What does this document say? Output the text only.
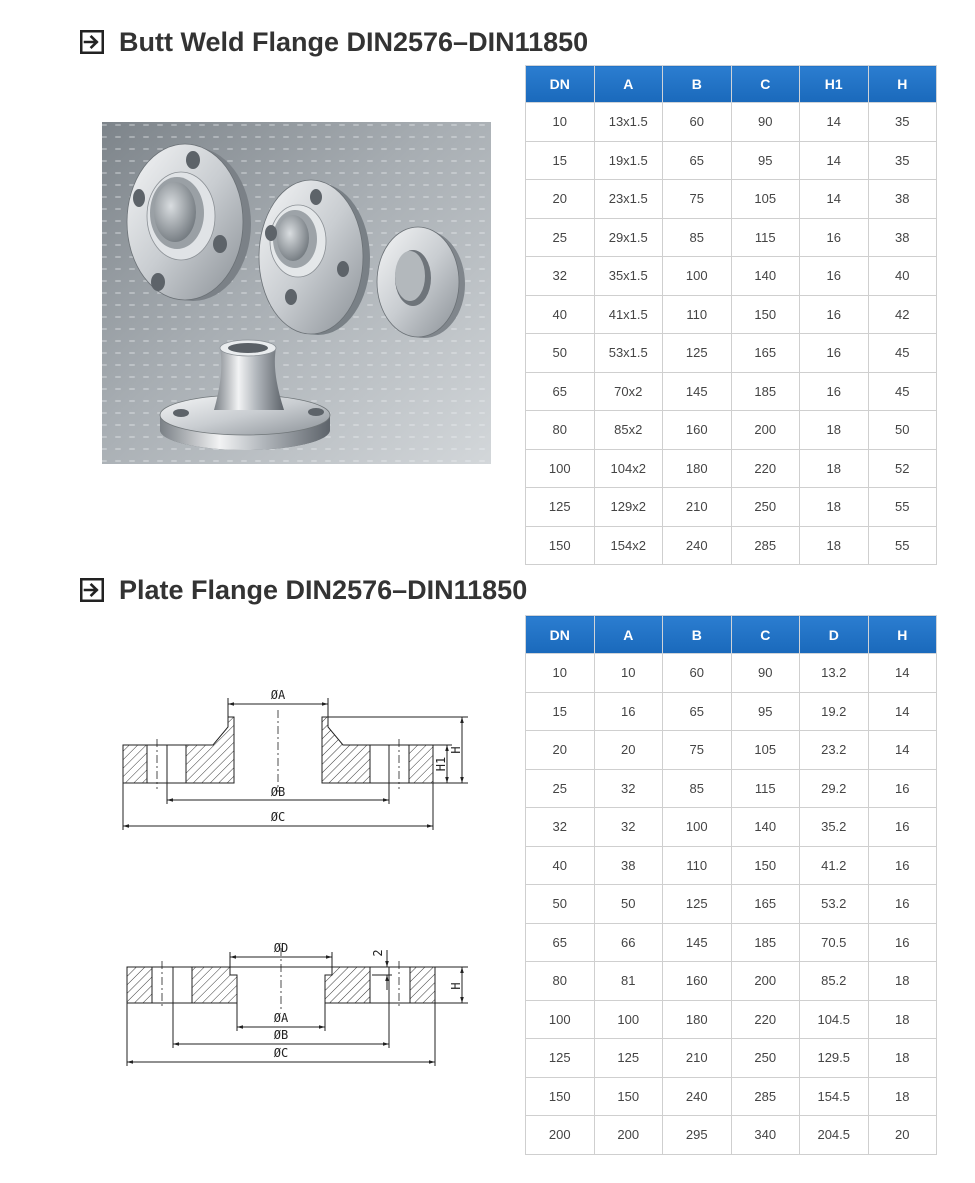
Butt Weld Flange DIN2576–DIN11850
DN	A	B	C	H1	H
10	13x1.5	60	90	14	35
15	19x1.5	65	95	14	35
20	23x1.5	75	105	14	38
25	29x1.5	85	115	16	38
32	35x1.5	100	140	16	40
40	41x1.5	110	150	16	42
50	53x1.5	125	165	16	45
65	70x2	145	185	16	45
80	85x2	160	200	18	50
100	104x2	180	220	18	52
125	129x2	210	250	18	55
150	154x2	240	285	18	55
Plate Flange DIN2576–DIN11850
ØA
H
H1
ØB
ØC
ØD	2
H
ØA
ØB
ØC
DN	A	B	C	D	H
10	10	60	90	13.2	14
15	16	65	95	19.2	14
20	20	75	105	23.2	14
25	32	85	115	29.2	16
32	32	100	140	35.2	16
40	38	110	150	41.2	16
50	50	125	165	53.2	16
65	66	145	185	70.5	16
80	81	160	200	85.2	18
100	100	180	220	104.5	18
125	125	210	250	129.5	18
150	150	240	285	154.5	18
200	200	295	340	204.5	20
